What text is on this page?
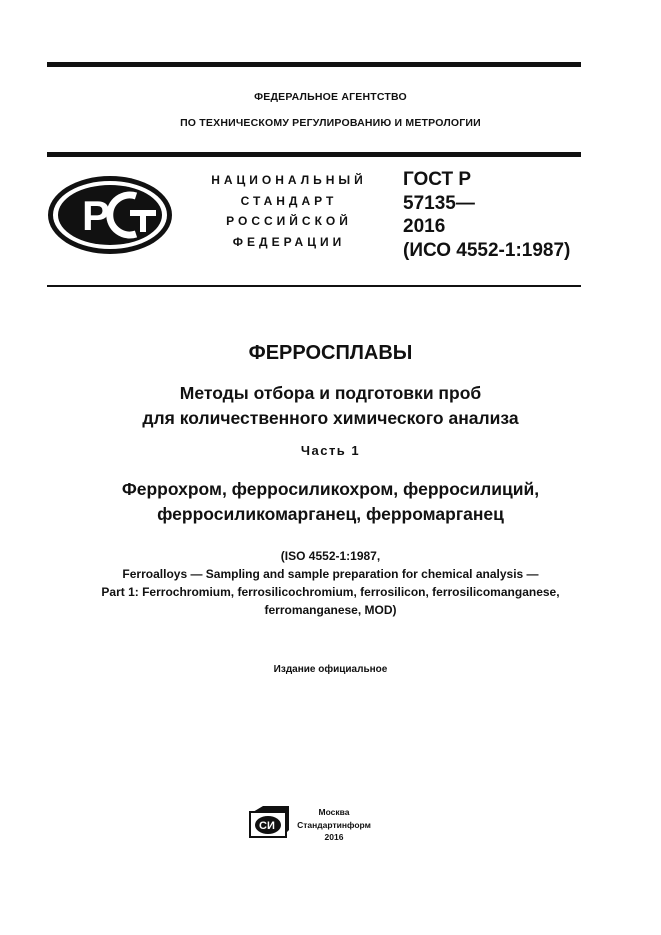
ФЕДЕРАЛЬНОЕ АГЕНТСТВО
ПО ТЕХНИЧЕСКОМУ РЕГУЛИРОВАНИЮ И МЕТРОЛОГИИ
Р
НАЦИОНАЛЬНЫЙ
СТАНДАРТ
РОССИЙСКОЙ
ФЕДЕРАЦИИ
ГОСТ Р
57135—
2016
(ИСО 4552-1:1987)
ФЕРРОСПЛАВЫ
Методы отбора и подготовки проб
для количественного химического анализа
Часть 1
Феррохром, ферросиликохром, ферросилиций,
ферросиликомарганец, ферромарганец
(ISO 4552-1:1987,
Ferroalloys — Sampling and sample preparation for chemical analysis —
Part 1: Ferrochromium, ferrosilicochromium, ferrosilicon, ferrosilicomanganese,
ferromanganese, MOD)
Издание официальное
СИ
Москва
Стандартинформ
2016
